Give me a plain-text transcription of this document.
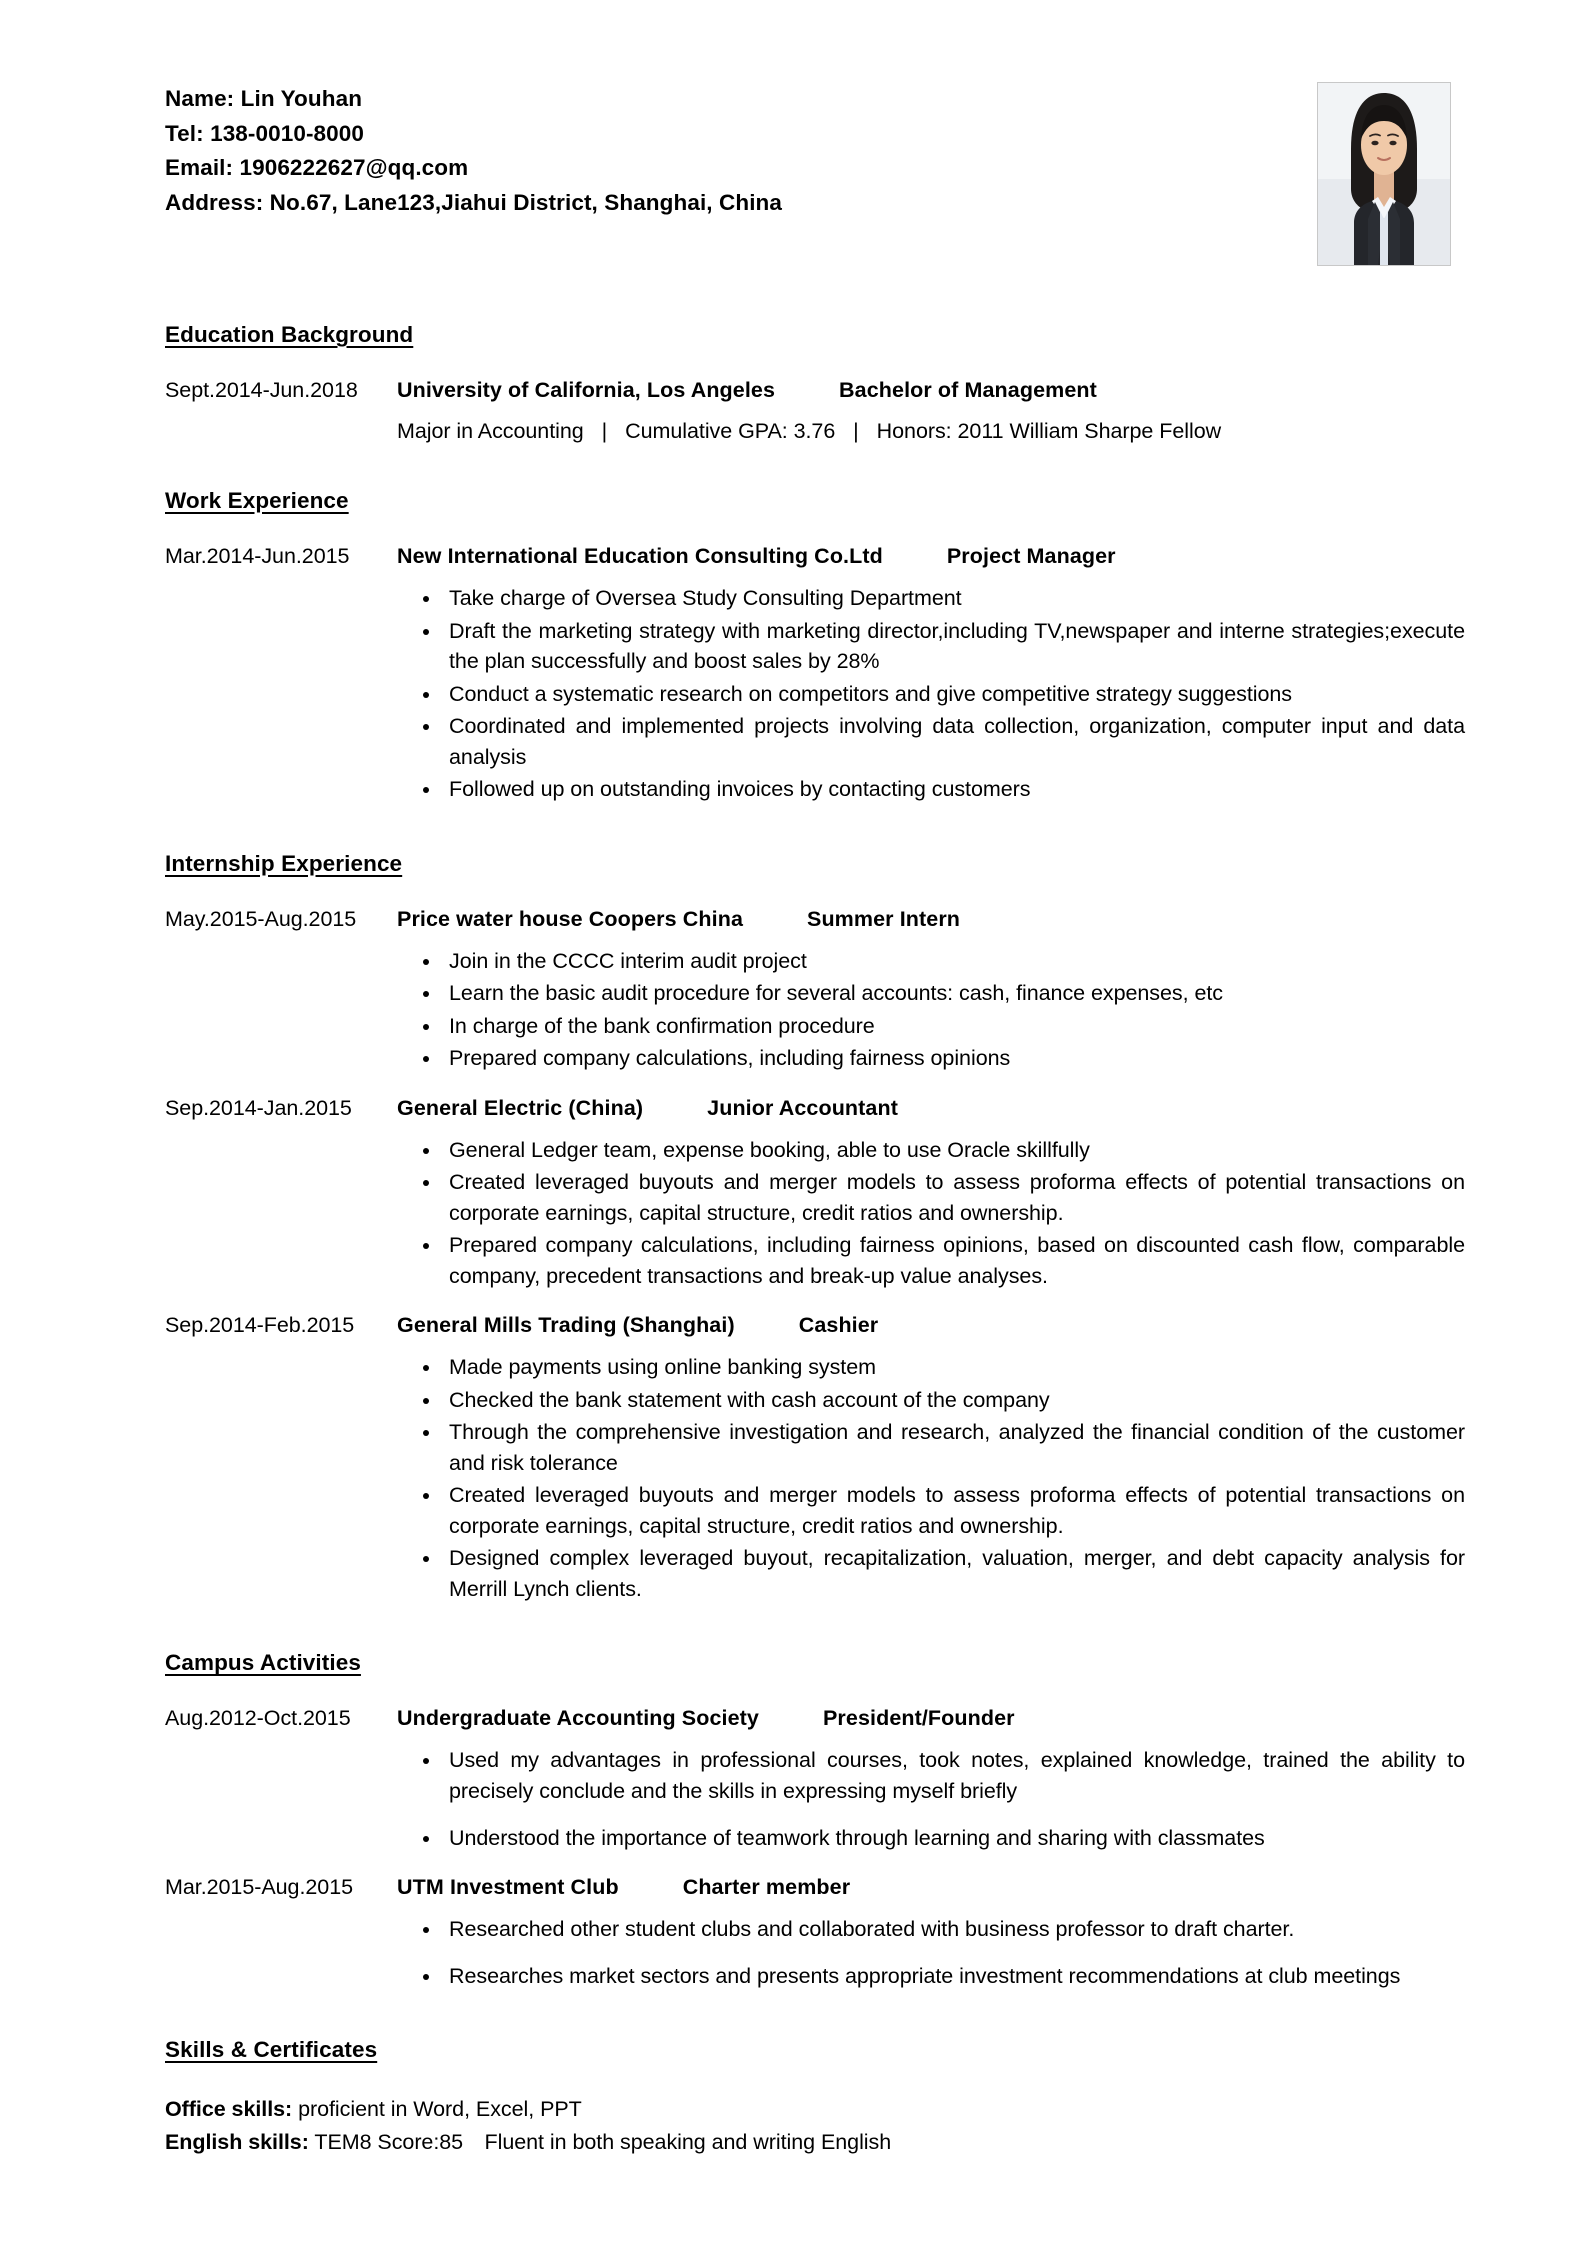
Name: Lin Youhan
Tel: 138-0010-8000
Email: 1906222627@qq.com
Address: No.67, Lane123,Jiahui District, Shanghai, China
Education Background
Sept.2014-Jun.2018	University of California, Los Angeles	Bachelor of Management
Major in Accounting | Cumulative GPA: 3.76 | Honors: 2011 William Sharpe Fellow
Work Experience
Mar.2014-Jun.2015	New International Education Consulting Co.Ltd	Project Manager
Take charge of Oversea Study Consulting Department
Draft the marketing strategy with marketing director,including TV,newspaper and interne strategies;execute the plan successfully and boost sales by 28%
Conduct a systematic research on competitors and give competitive strategy suggestions
Coordinated and implemented projects involving data collection, organization, computer input and data analysis
Followed up on outstanding invoices by contacting customers
Internship Experience
May.2015-Aug.2015	Price water house Coopers China	Summer Intern
Join in the CCCC interim audit project
Learn the basic audit procedure for several accounts: cash, finance expenses, etc
In charge of the bank confirmation procedure
Prepared company calculations, including fairness opinions
Sep.2014-Jan.2015	General Electric (China)	Junior Accountant
General Ledger team, expense booking, able to use Oracle skillfully
Created leveraged buyouts and merger models to assess proforma effects of potential transactions on corporate earnings, capital structure, credit ratios and ownership.
Prepared company calculations, including fairness opinions, based on discounted cash flow, comparable company, precedent transactions and break-up value analyses.
Sep.2014-Feb.2015	General Mills Trading (Shanghai)	Cashier
Made payments using online banking system
Checked the bank statement with cash account of the company
Through the comprehensive investigation and research, analyzed the financial condition of the customer and risk tolerance
Created leveraged buyouts and merger models to assess proforma effects of potential transactions on corporate earnings, capital structure, credit ratios and ownership.
Designed complex leveraged buyout, recapitalization, valuation, merger, and debt capacity analysis for Merrill Lynch clients.
Campus Activities
Aug.2012-Oct.2015	Undergraduate Accounting Society	President/Founder
Used my advantages in professional courses, took notes, explained knowledge, trained the ability to precisely conclude and the skills in expressing myself briefly
Understood the importance of teamwork through learning and sharing with classmates
Mar.2015-Aug.2015	UTM Investment Club	Charter member
Researched other student clubs and collaborated with business professor to draft charter.
Researches market sectors and presents appropriate investment recommendations at club meetings
Skills & Certificates
Office skills: proficient in Word, Excel, PPT
English skills: TEM8 Score:85 Fluent in both speaking and writing English
